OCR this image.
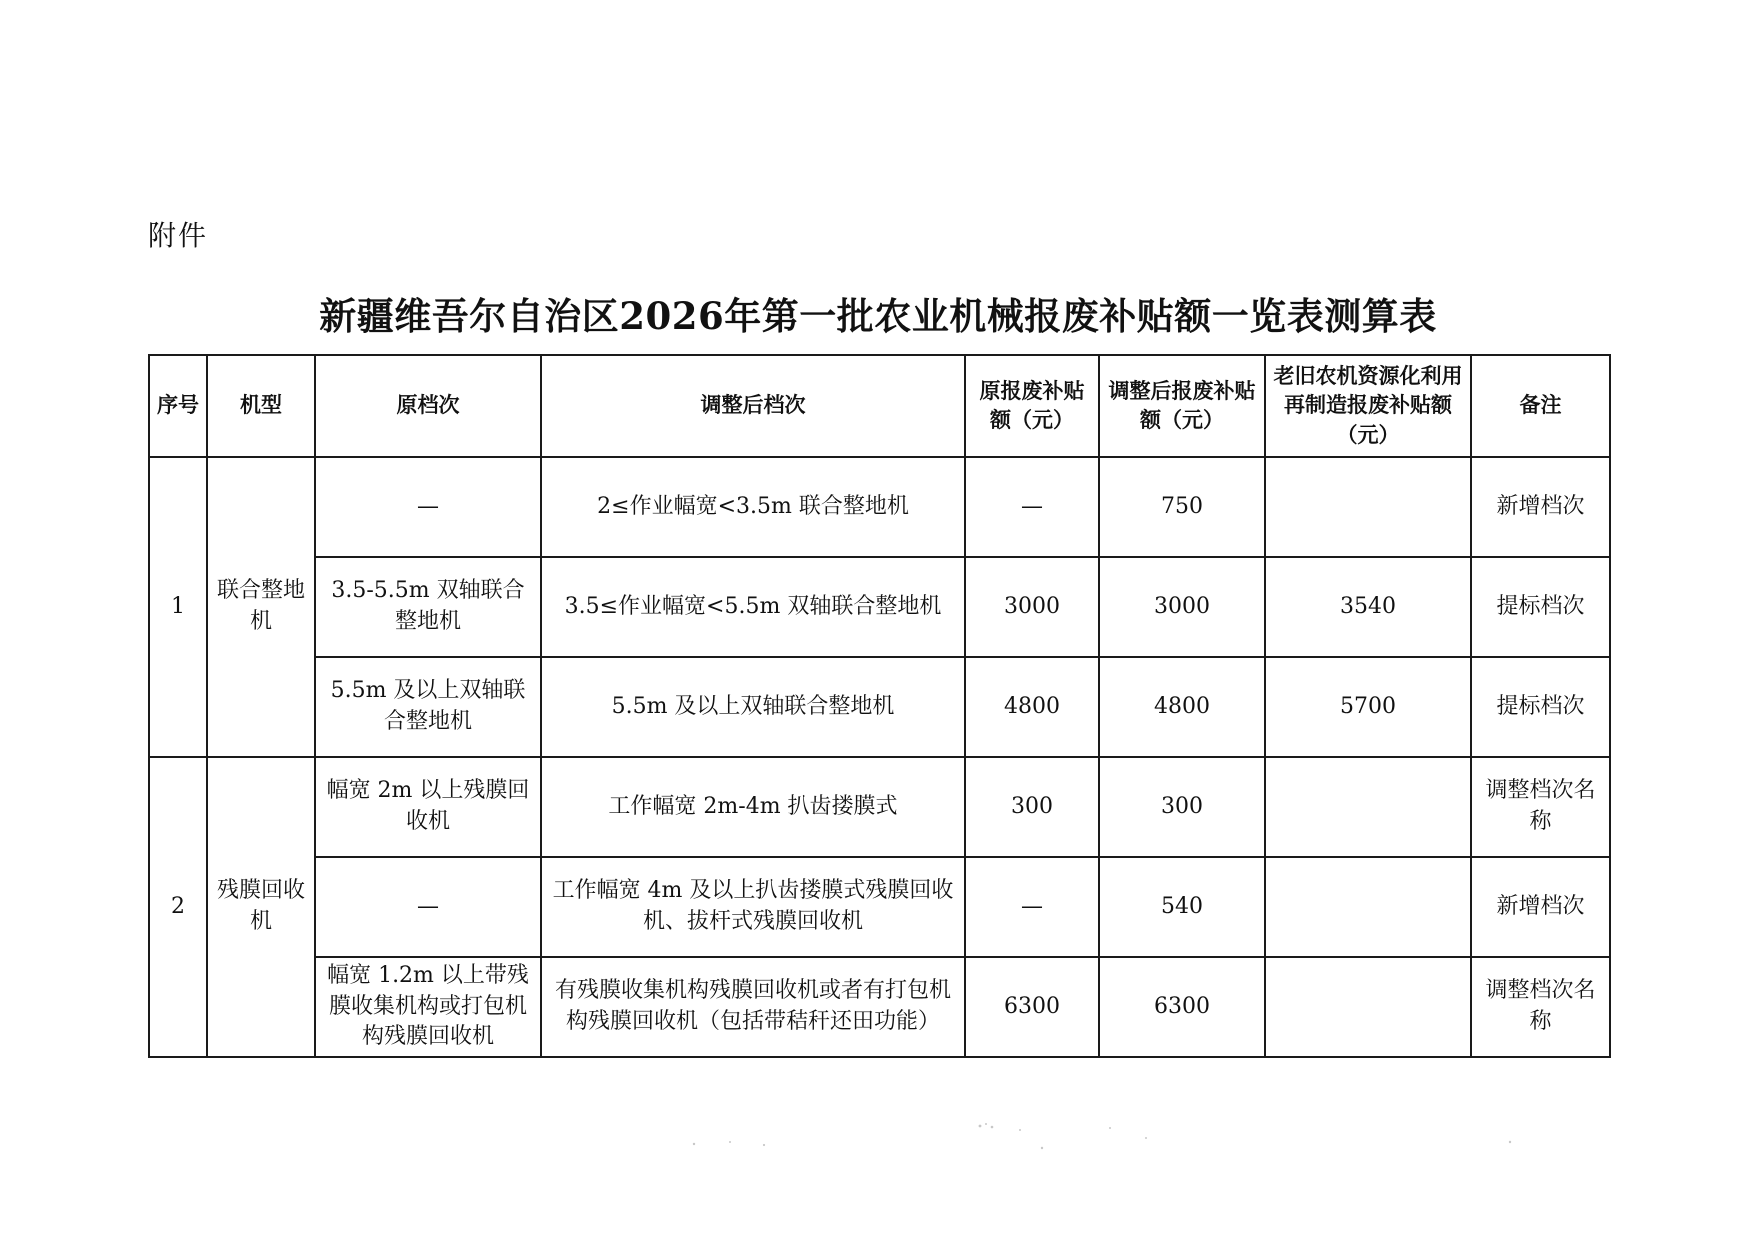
附件
新疆维吾尔自治区2026年第一批农业机械报废补贴额一览表测算表
序号	机型	原档次	调整后档次	原报废补贴额（元）	调整后报废补贴额（元）	老旧农机资源化利用再制造报废补贴额（元）	备注
1	联合整地机	—	2≤作业幅宽<3.5m 联合整地机	—	750		新增档次
		3.5-5.5m 双轴联合整地机	3.5≤作业幅宽<5.5m 双轴联合整地机	3000	3000	3540	提标档次
		5.5m 及以上双轴联合整地机	5.5m 及以上双轴联合整地机	4800	4800	5700	提标档次
2	残膜回收机	幅宽 2m 以上残膜回收机	工作幅宽 2m-4m 扒齿搂膜式	300	300		调整档次名称
		—	工作幅宽 4m 及以上扒齿搂膜式残膜回收机、拔杆式残膜回收机	—	540		新增档次
		幅宽 1.2m 以上带残膜收集机构或打包机构残膜回收机	有残膜收集机构残膜回收机或者有打包机构残膜回收机（包括带秸秆还田功能）	6300	6300		调整档次名称
